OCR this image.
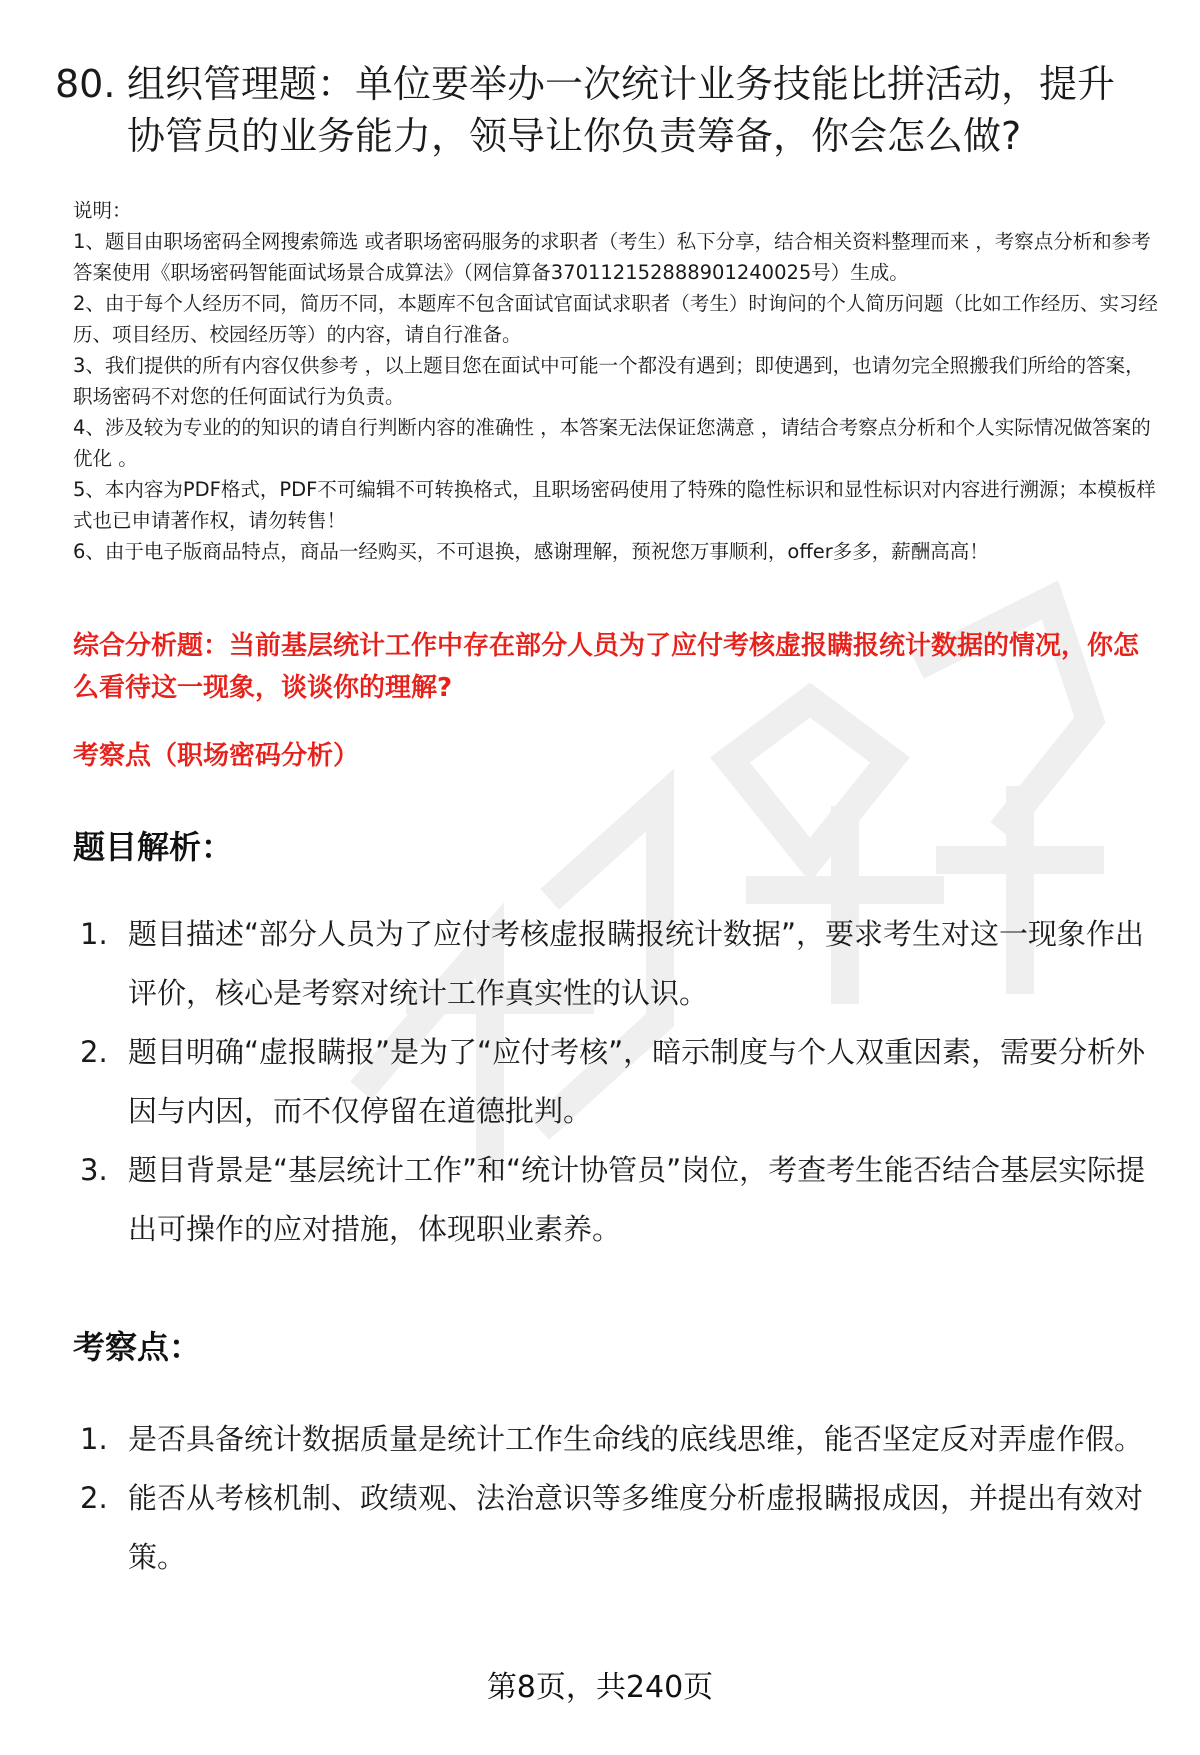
80. 组织管理题：单位要举办一次统计业务技能比拼活动，提升协管员的业务能力，领导让你负责筹备，你会怎么做?

说明：

1、题目由职场密码全网搜索筛选 或者职场密码服务的求职者（考生）私下分享，结合相关资料整理而来 ，考察点分析和参考答案使用《职场密码智能面试场景合成算法》（网信算备370112152888901240025号）生成。

2、由于每个人经历不同，简历不同，本题库不包含面试官面试求职者（考生）时询问的个人简历问题（比如工作经历、实习经历、项目经历、校园经历等）的内容，请自行准备。

3、我们提供的所有内容仅供参考 ，以上题目您在面试中可能一个都没有遇到；即使遇到，也请勿完全照搬我们所给的答案，职场密码不对您的任何面试行为负责。

4、涉及较为专业的的知识的请自行判断内容的准确性 ，本答案无法保证您满意 ，请结合考察点分析和个人实际情况做答案的优化 。

5、本内容为PDF格式，PDF不可编辑不可转换格式，且职场密码使用了特殊的隐性标识和显性标识对内容进行溯源；本模板样式也已申请著作权，请勿转售！

6、由于电子版商品特点，商品一经购买，不可退换，感谢理解，预祝您万事顺利，offer多多，薪酬高高！

综合分析题：当前基层统计工作中存在部分人员为了应付考核虚报瞒报统计数据的情况，你怎么看待这一现象，谈谈你的理解?
考察点（职场密码分析）
题目解析：
1. 题目描述“部分人员为了应付考核虚报瞒报统计数据”，要求考生对这一现象作出评价，核心是考察对统计工作真实性的认识。
2. 题目明确“虚报瞒报”是为了“应付考核”，暗示制度与个人双重因素，需要分析外因与内因，而不仅停留在道德批判。
3. 题目背景是“基层统计工作”和“统计协管员”岗位，考查考生能否结合基层实际提出可操作的应对措施，体现职业素养。
考察点：
1. 是否具备统计数据质量是统计工作生命线的底线思维，能否坚定反对弄虚作假。
2. 能否从考核机制、政绩观、法治意识等多维度分析虚报瞒报成因，并提出有效对策。
第8页，共240页
